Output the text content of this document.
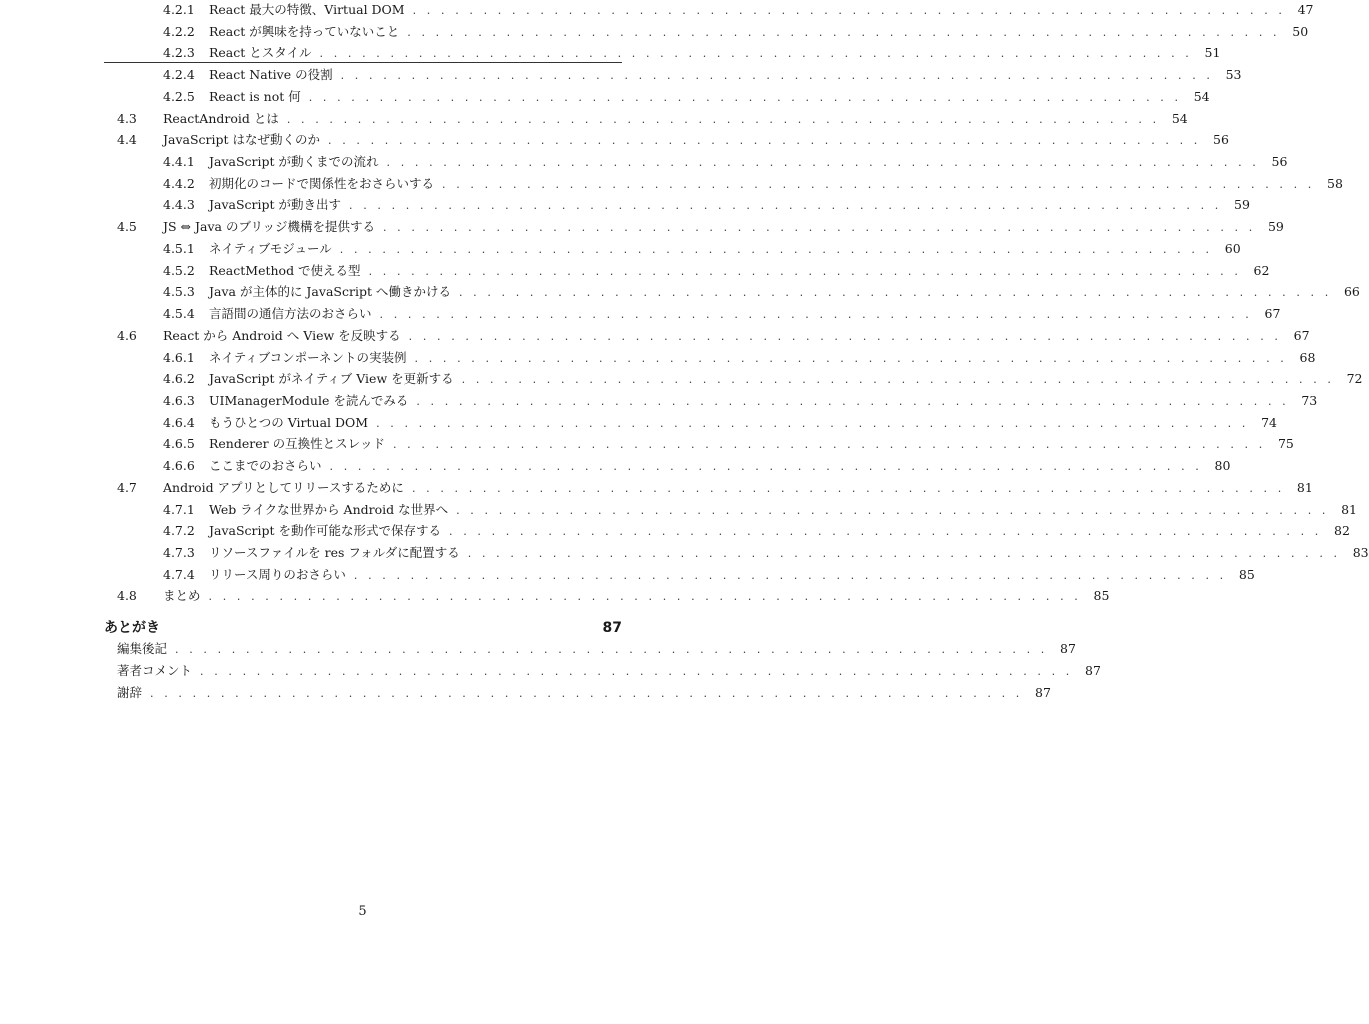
4.2.1	React 最大の特徴、Virtual DOM . . . . . . . . . . . . . . . . . . . . . . . . . . . . . . . . . . . . . . . . . . . . . . . . . . . . . . . . . . . . . . 47
4.2.2	React が興味を持っていないこと . . . . . . . . . . . . . . . . . . . . . . . . . . . . . . . . . . . . . . . . . . . . . . . . . . . . . . . . . . . . . . 50
4.2.3	React とスタイル . . . . . . . . . . . . . . . . . . . . . . . . . . . . . . . . . . . . . . . . . . . . . . . . . . . . . . . . . . . . . . 51
4.2.4	React Native の役割 . . . . . . . . . . . . . . . . . . . . . . . . . . . . . . . . . . . . . . . . . . . . . . . . . . . . . . . . . . . . . . 53
4.2.5	React is not 何 . . . . . . . . . . . . . . . . . . . . . . . . . . . . . . . . . . . . . . . . . . . . . . . . . . . . . . . . . . . . . . 54
4.3	ReactAndroid とは . . . . . . . . . . . . . . . . . . . . . . . . . . . . . . . . . . . . . . . . . . . . . . . . . . . . . . . . . . . . . . 54
4.4	JavaScript はなぜ動くのか . . . . . . . . . . . . . . . . . . . . . . . . . . . . . . . . . . . . . . . . . . . . . . . . . . . . . . . . . . . . . . 56
4.4.1	JavaScript が動くまでの流れ . . . . . . . . . . . . . . . . . . . . . . . . . . . . . . . . . . . . . . . . . . . . . . . . . . . . . . . . . . . . . . 56
4.4.2	初期化のコードで関係性をおさらいする . . . . . . . . . . . . . . . . . . . . . . . . . . . . . . . . . . . . . . . . . . . . . . . . . . . . . . . . . . . . . . 58
4.4.3	JavaScript が動き出す . . . . . . . . . . . . . . . . . . . . . . . . . . . . . . . . . . . . . . . . . . . . . . . . . . . . . . . . . . . . . . 59
4.5	JS ⇔ Java のブリッジ機構を提供する . . . . . . . . . . . . . . . . . . . . . . . . . . . . . . . . . . . . . . . . . . . . . . . . . . . . . . . . . . . . . . 59
4.5.1	ネイティブモジュール . . . . . . . . . . . . . . . . . . . . . . . . . . . . . . . . . . . . . . . . . . . . . . . . . . . . . . . . . . . . . . 60
4.5.2	ReactMethod で使える型 . . . . . . . . . . . . . . . . . . . . . . . . . . . . . . . . . . . . . . . . . . . . . . . . . . . . . . . . . . . . . . 62
4.5.3	Java が主体的に JavaScript へ働きかける . . . . . . . . . . . . . . . . . . . . . . . . . . . . . . . . . . . . . . . . . . . . . . . . . . . . . . . . . . . . . . 66
4.5.4	言語間の通信方法のおさらい . . . . . . . . . . . . . . . . . . . . . . . . . . . . . . . . . . . . . . . . . . . . . . . . . . . . . . . . . . . . . . 67
4.6	React から Android へ View を反映する . . . . . . . . . . . . . . . . . . . . . . . . . . . . . . . . . . . . . . . . . . . . . . . . . . . . . . . . . . . . . . 67
4.6.1	ネイティブコンポーネントの実装例 . . . . . . . . . . . . . . . . . . . . . . . . . . . . . . . . . . . . . . . . . . . . . . . . . . . . . . . . . . . . . . 68
4.6.2	JavaScript がネイティブ View を更新する . . . . . . . . . . . . . . . . . . . . . . . . . . . . . . . . . . . . . . . . . . . . . . . . . . . . . . . . . . . . . . 72
4.6.3	UIManagerModule を読んでみる . . . . . . . . . . . . . . . . . . . . . . . . . . . . . . . . . . . . . . . . . . . . . . . . . . . . . . . . . . . . . . 73
4.6.4	もうひとつの Virtual DOM . . . . . . . . . . . . . . . . . . . . . . . . . . . . . . . . . . . . . . . . . . . . . . . . . . . . . . . . . . . . . . 74
4.6.5	Renderer の互換性とスレッド . . . . . . . . . . . . . . . . . . . . . . . . . . . . . . . . . . . . . . . . . . . . . . . . . . . . . . . . . . . . . . 75
4.6.6	ここまでのおさらい . . . . . . . . . . . . . . . . . . . . . . . . . . . . . . . . . . . . . . . . . . . . . . . . . . . . . . . . . . . . . . 80
4.7	Android アプリとしてリリースするために . . . . . . . . . . . . . . . . . . . . . . . . . . . . . . . . . . . . . . . . . . . . . . . . . . . . . . . . . . . . . . 81
4.7.1	Web ライクな世界から Android な世界へ . . . . . . . . . . . . . . . . . . . . . . . . . . . . . . . . . . . . . . . . . . . . . . . . . . . . . . . . . . . . . . 81
4.7.2	JavaScript を動作可能な形式で保存する . . . . . . . . . . . . . . . . . . . . . . . . . . . . . . . . . . . . . . . . . . . . . . . . . . . . . . . . . . . . . . 82
4.7.3	リソースファイルを res フォルダに配置する . . . . . . . . . . . . . . . . . . . . . . . . . . . . . . . . . . . . . . . . . . . . . . . . . . . . . . . . . . . . . . 83
4.7.4	リリース周りのおさらい . . . . . . . . . . . . . . . . . . . . . . . . . . . . . . . . . . . . . . . . . . . . . . . . . . . . . . . . . . . . . . 85
4.8	まとめ . . . . . . . . . . . . . . . . . . . . . . . . . . . . . . . . . . . . . . . . . . . . . . . . . . . . . . . . . . . . . . 85
あとがき	87
編集後記 . . . . . . . . . . . . . . . . . . . . . . . . . . . . . . . . . . . . . . . . . . . . . . . . . . . . . . . . . . . . . . 87
著者コメント . . . . . . . . . . . . . . . . . . . . . . . . . . . . . . . . . . . . . . . . . . . . . . . . . . . . . . . . . . . . . . 87
謝辞 . . . . . . . . . . . . . . . . . . . . . . . . . . . . . . . . . . . . . . . . . . . . . . . . . . . . . . . . . . . . . . 87
5
